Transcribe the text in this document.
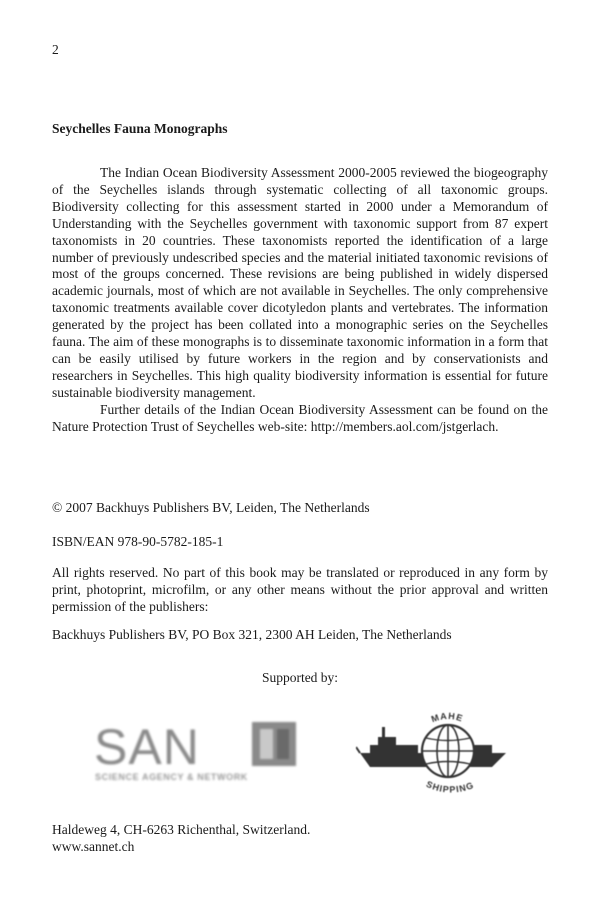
2
Seychelles Fauna Monographs

The Indian Ocean Biodiversity Assessment 2000-2005 reviewed the biogeography of the Seychelles islands through systematic collecting of all taxonomic groups. Biodiversity collecting for this assessment started in 2000 under a Memorandum of Understanding with the Seychelles government with taxonomic support from 87 expert taxonomists in 20 countries. These taxonomists reported the identification of a large number of previously undescribed species and the material initiated taxonomic revisions of most of the groups concerned. These revisions are being published in widely dispersed academic journals, most of which are not available in Seychelles. The only comprehensive taxonomic treatments available cover dicotyledon plants and vertebrates. The information generated by the project has been collated into a monographic series on the Seychelles fauna. The aim of these monographs is to disseminate taxonomic information in a form that can be easily utilised by future workers in the region and by conservationists and researchers in Seychelles. This high quality biodiversity information is essential for future sustainable biodiversity management.

Further details of the Indian Ocean Biodiversity Assessment can be found on the Nature Protection Trust of Seychelles web-site: http://members.aol.com/jstgerlach.

© 2007 Backhuys Publishers BV, Leiden, The Netherlands
ISBN/EAN 978-90-5782-185-1
All rights reserved. No part of this book may be translated or reproduced in any form by print, photoprint, microfilm, or any other means without the prior approval and written permission of the publishers:
Backhuys Publishers BV, PO Box 321, 2300 AH Leiden, The Netherlands
Supported by:
SAN
SCIENCE AGENCY & NETWORK
MAHE
SHIPPING
Haldeweg 4, CH-6263 Richenthal, Switzerland.
www.sannet.ch
